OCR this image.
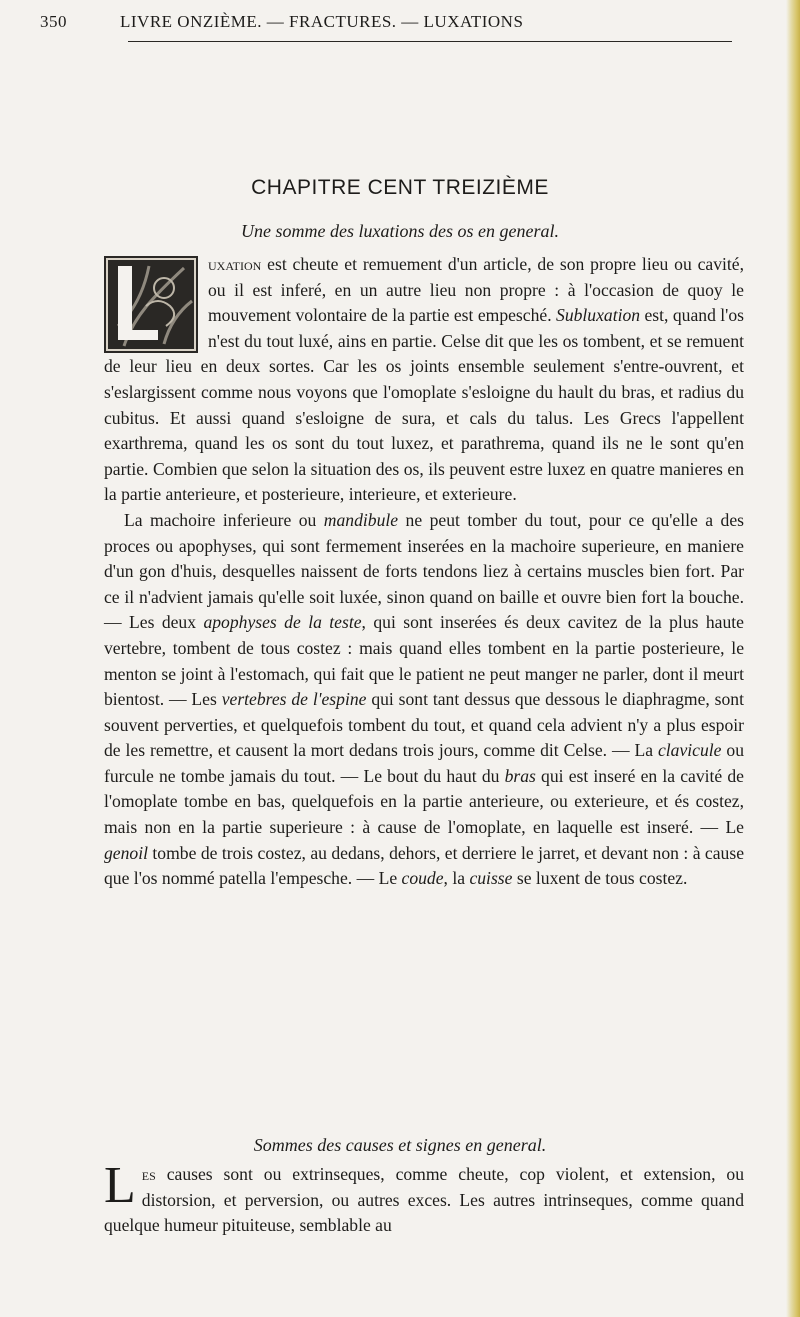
350	LIVRE ONZIÈME. — FRACTURES. — LUXATIONS
CHAPITRE CENT TREIZIÈME
Une somme des luxations des os en general.

uxation est cheute et remuement d'un article, de son propre lieu ou cavité, ou il est inferé, en un autre lieu non propre : à l'occasion de quoy le mouvement volontaire de la partie est empesché. Subluxation est, quand l'os n'est du tout luxé, ains en partie. Celse dit que les os tombent, et se remuent de leur lieu en deux sortes. Car les os joints ensemble seulement s'entre-ouvrent, et s'eslargissent comme nous voyons que l'omoplate s'esloigne du hault du bras, et radius du cubitus. Et aussi quand s'esloigne de sura, et cals du talus. Les Grecs l'appellent exarthrema, quand les os sont du tout luxez, et parathrema, quand ils ne le sont qu'en partie. Combien que selon la situation des os, ils peuvent estre luxez en quatre manieres en la partie anterieure, et posterieure, interieure, et exterieure.

La machoire inferieure ou mandibule ne peut tomber du tout, pour ce qu'elle a des proces ou apophyses, qui sont fermement inserées en la machoire superieure, en maniere d'un gon d'huis, desquelles naissent de forts tendons liez à certains muscles bien fort. Par ce il n'advient jamais qu'elle soit luxée, sinon quand on baille et ouvre bien fort la bouche. — Les deux apophyses de la teste, qui sont inserées és deux cavitez de la plus haute vertebre, tombent de tous costez : mais quand elles tombent en la partie posterieure, le menton se joint à l'estomach, qui fait que le patient ne peut manger ne parler, dont il meurt bientost. — Les vertebres de l'espine qui sont tant dessus que dessous le diaphragme, sont souvent perverties, et quelquefois tombent du tout, et quand cela advient n'y a plus espoir de les remettre, et causent la mort dedans trois jours, comme dit Celse. — La clavicule ou furcule ne tombe jamais du tout. — Le bout du haut du bras qui est inseré en la cavité de l'omoplate tombe en bas, quelquefois en la partie anterieure, ou exterieure, et és costez, mais non en la partie superieure : à cause de l'omoplate, en laquelle est inseré. — Le genoil tombe de trois costez, au dedans, dehors, et derriere le jarret, et devant non : à cause que l'os nommé patella l'empesche. — Le coude, la cuisse se luxent de tous costez.

Sommes des causes et signes en general.

Les causes sont ou extrinseques, comme cheute, cop violent, et extension, ou distorsion, et perversion, ou autres exces. Les autres intrinseques, comme quand quelque humeur pituiteuse, semblable au
